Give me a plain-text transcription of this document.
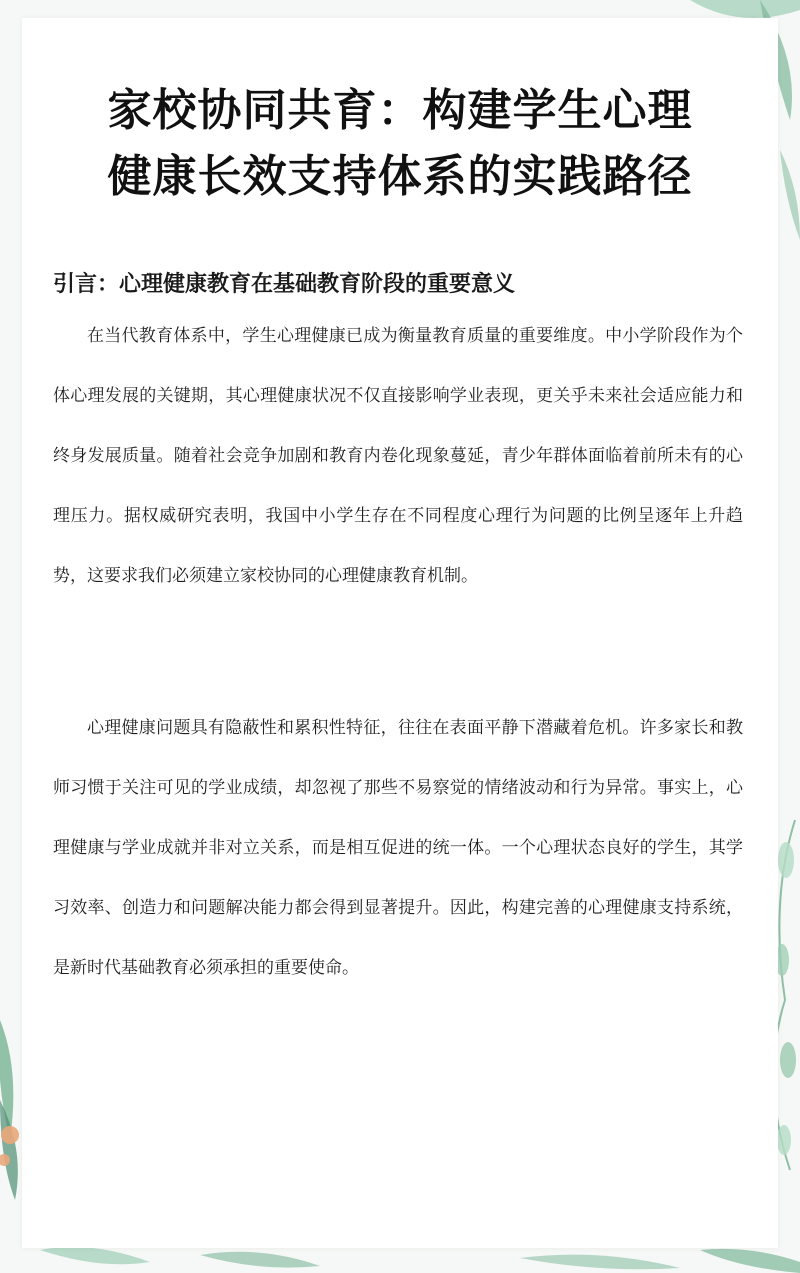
家校协同共育：构建学生心理
健康长效支持体系的实践路径
引言：心理健康教育在基础教育阶段的重要意义

在当代教育体系中，学生心理健康已成为衡量教育质量的重要维度。中小学阶段作为个体心理发展的关键期，其心理健康状况不仅直接影响学业表现，更关乎未来社会适应能力和终身发展质量。随着社会竞争加剧和教育内卷化现象蔓延，青少年群体面临着前所未有的心理压力。据权威研究表明，我国中小学生存在不同程度心理行为问题的比例呈逐年上升趋势，这要求我们必须建立家校协同的心理健康教育机制。

心理健康问题具有隐蔽性和累积性特征，往往在表面平静下潜藏着危机。许多家长和教师习惯于关注可见的学业成绩，却忽视了那些不易察觉的情绪波动和行为异常。事实上，心理健康与学业成就并非对立关系，而是相互促进的统一体。一个心理状态良好的学生，其学习效率、创造力和问题解决能力都会得到显著提升。因此，构建完善的心理健康支持系统，是新时代基础教育必须承担的重要使命。
